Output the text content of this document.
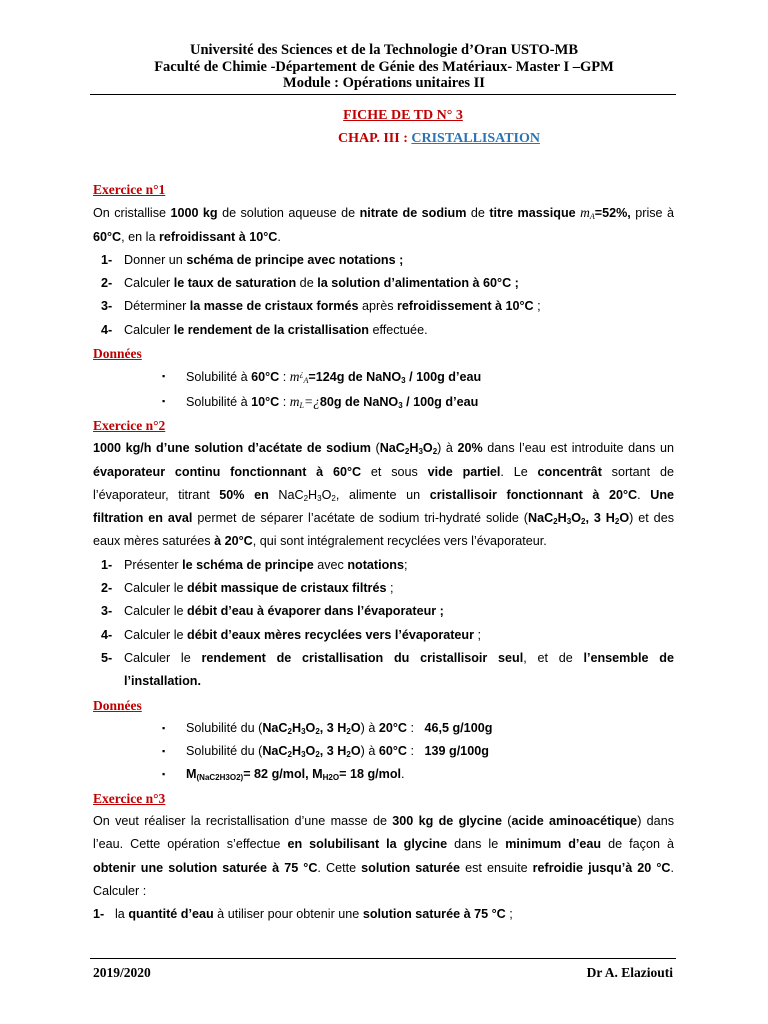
Université des Sciences et de la Technologie d’Oran USTO-MB
Faculté de Chimie -Département de Génie des Matériaux- Master I –GPM
Module : Opérations unitaires II
FICHE DE TD N° 3
CHAP. III : CRISTALLISATION

Exercice n°1

On cristallise 1000 kg de solution aqueuse de nitrate de sodium de titre massique $m_A=52\%$, prise à

60°C, en la refroidissant à 10°C.

1- Donner un schéma de principe avec notations ;

2- Calculer le taux de saturation de la solution d’alimentation à 60°C ;

3- Déterminer la masse de cristaux formés après refroidissement à 10°C ;

4- Calculer le rendement de la cristallisation effectuée.

Données

▪ Solubilité à 60°C : $m^¿_A=124g$ de NaNO$_3$ / 100g d’eau

▪ Solubilité à 10°C : $m_L=¿80g$ de NaNO$_3$ / 100g d’eau

Exercice n°2

1000 kg/h d’une solution d’acétate de sodium $(NaC_2H_3O_2)$ à 20% dans l’eau est introduite dans un

évaporateur continu fonctionnant à 60°C et sous vide partiel. Le concentrât sortant de

l’évaporateur, titrant 50% en $NaC_2H_3O_2$, alimente un cristallisoir fonctionnant à 20°C. Une

filtration en aval permet de séparer l’acétate de sodium tri-hydraté solide ($NaC_2H_3O_2$, 3 $H_2O$) et des

eaux mères saturées à 20°C, qui sont intégralement recyclées vers l’évaporateur.

1- Présenter le schéma de principe avec notations;

2- Calculer le débit massique de cristaux filtrés ;

3- Calculer le débit d’eau à évaporer dans l’évaporateur ;

4- Calculer le débit d’eaux mères recyclées vers l’évaporateur ;

5- Calculer le rendement de cristallisation du cristallisoir seul, et de l’ensemble de

l’installation.

Données

▪ Solubilité du ($NaC_2H_3O_2$, 3 $H_2O$) à 20°C :   46,5 g/100g

▪ Solubilité du ($NaC_2H_3O_2$, 3 $H_2O$) à 60°C :   139 g/100g

▪ $M_{(NaC2H3O2)}= 82$ g/mol, $M_{H2O}= 18$ g/mol.

Exercice n°3

On veut réaliser la recristallisation d’une masse de 300 kg de glycine (acide aminoacétique) dans

l’eau. Cette opération s’effectue en solubilisant la glycine dans le minimum d’eau de façon à

obtenir une solution saturée à 75 °C. Cette solution saturée est ensuite refroidie jusqu’à 20 °C.

Calculer :

1- la quantité d’eau à utiliser pour obtenir une solution saturée à 75 °C ;

2019/2020	Dr A. Elaziouti
